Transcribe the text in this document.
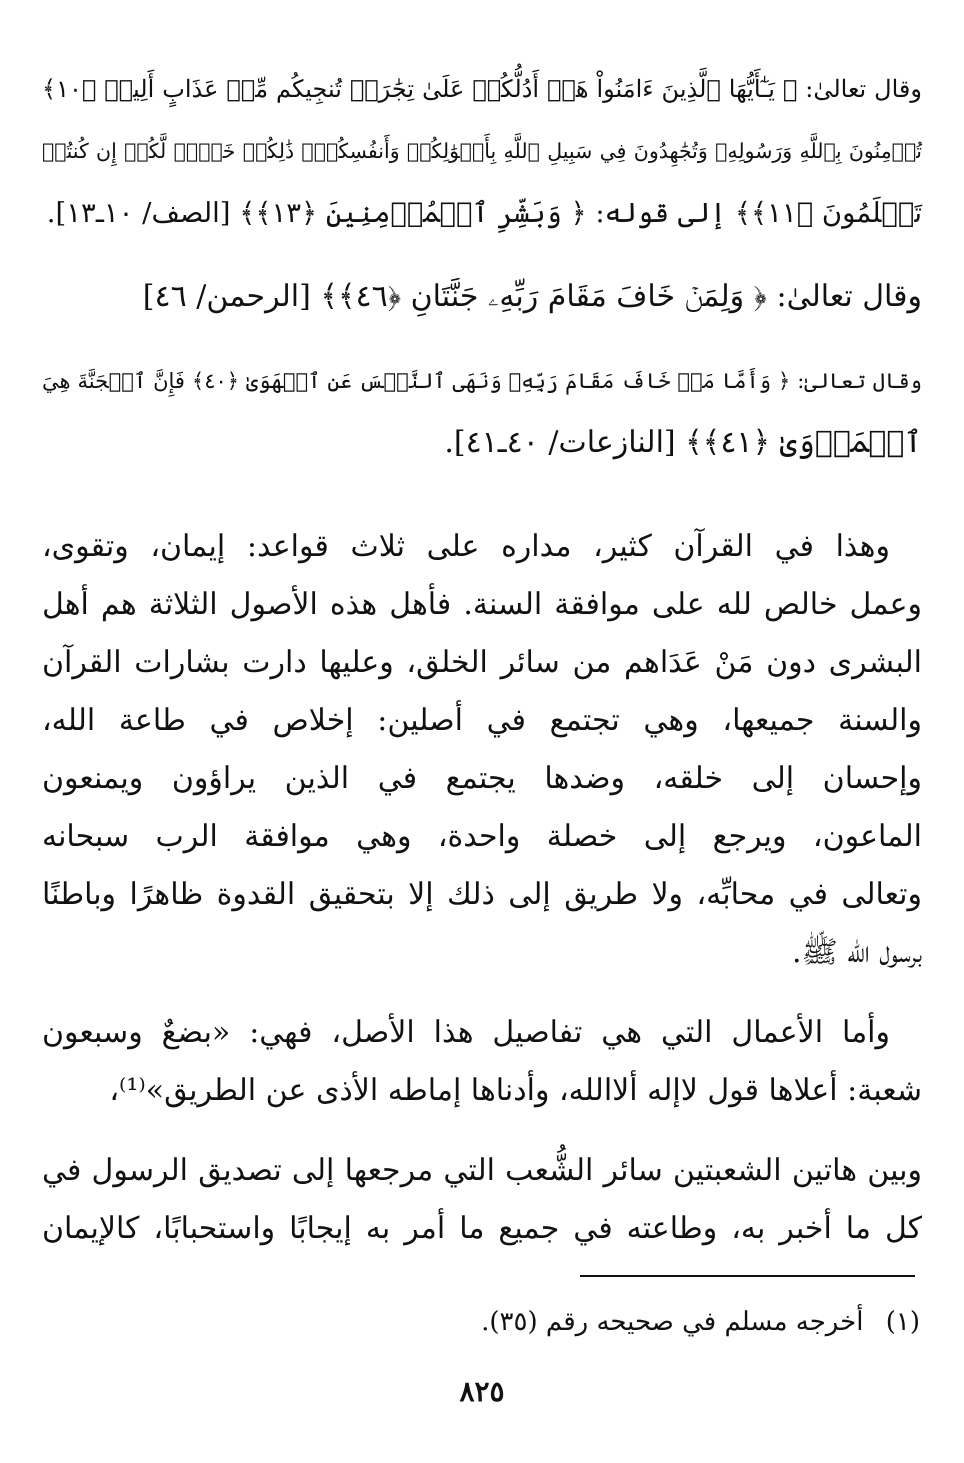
وقال تعالىٰ: ﴿ يَـٰٓأَيُّهَا ٱلَّذِينَ ءَامَنُواْ هَلۡ أَدُلُّكُمۡ عَلَىٰ تِجَٰرَةٖ تُنجِيكُم مِّنۡ عَذَابٍ أَلِيمٖ ﴿١٠﴾
تُؤۡمِنُونَ بِٱللَّهِ وَرَسُولِهِۦ وَتُجَٰهِدُونَ فِي سَبِيلِ ٱللَّهِ بِأَمۡوَٰلِكُمۡ وَأَنفُسِكُمۡۚ ذَٰلِكُمۡ خَيۡرٞ لَّكُمۡ إِن كُنتُمۡ
تَعۡلَمُونَ ﴿١١﴾﴾ إلى قوله: ﴿ وَبَشِّرِ ٱلۡمُؤۡمِنِينَ ﴿١٣﴾﴾ [الصف/ ١٠ـ١٣].
وقال تعالىٰ: ﴿ وَلِمَنۡ خَافَ مَقَامَ رَبِّهِۦ جَنَّتَانِ ﴿٤٦﴾﴾ [الرحمن/ ٤٦]
وقال تعالىٰ: ﴿ وَأَمَّا مَنۡ خَافَ مَقَامَ رَبِّهِۦ وَنَهَى ٱلنَّفۡسَ عَنِ ٱلۡهَوَىٰ ﴿٤٠﴾ فَإِنَّ ٱلۡجَنَّةَ هِيَ
ٱلۡمَأۡوَىٰ ﴿٤١﴾﴾ [النازعات/ ٤٠ـ٤١].
وهذا في القرآن كثير، مداره على ثلاث قواعد: إيمان، وتقوى،
وعمل خالص لله على موافقة السنة. فأهل هذه الأصول الثلاثة هم أهل
البشرى دون مَنْ عَدَاهم من سائر الخلق، وعليها دارت بشارات القرآن
والسنة جميعها، وهي تجتمع في أصلين: إخلاص في طاعة الله،
وإحسان إلى خلقه، وضدها يجتمع في الذين يراؤون ويمنعون
الماعون، ويرجع إلى خصلة واحدة، وهي موافقة الرب سبحانه
وتعالى في محابِّه، ولا طريق إلى ذلك إلا بتحقيق القدوة ظاهرًا وباطنًا
برسول الله ﷺ.
وأما الأعمال التي هي تفاصيل هذا الأصل، فهي: «بضعٌ وسبعون
شعبة: أعلاها قول لاإله ألاالله، وأدناها إماطه الأذى عن الطريق»⁽¹⁾،
وبين هاتين الشعبتين سائر الشُّعب التي مرجعها إلى تصديق الرسول في
كل ما أخبر به، وطاعته في جميع ما أمر به إيجابًا واستحبابًا، كالإيمان
(١) أخرجه مسلم في صحيحه رقم (٣٥).
٨٢٥
